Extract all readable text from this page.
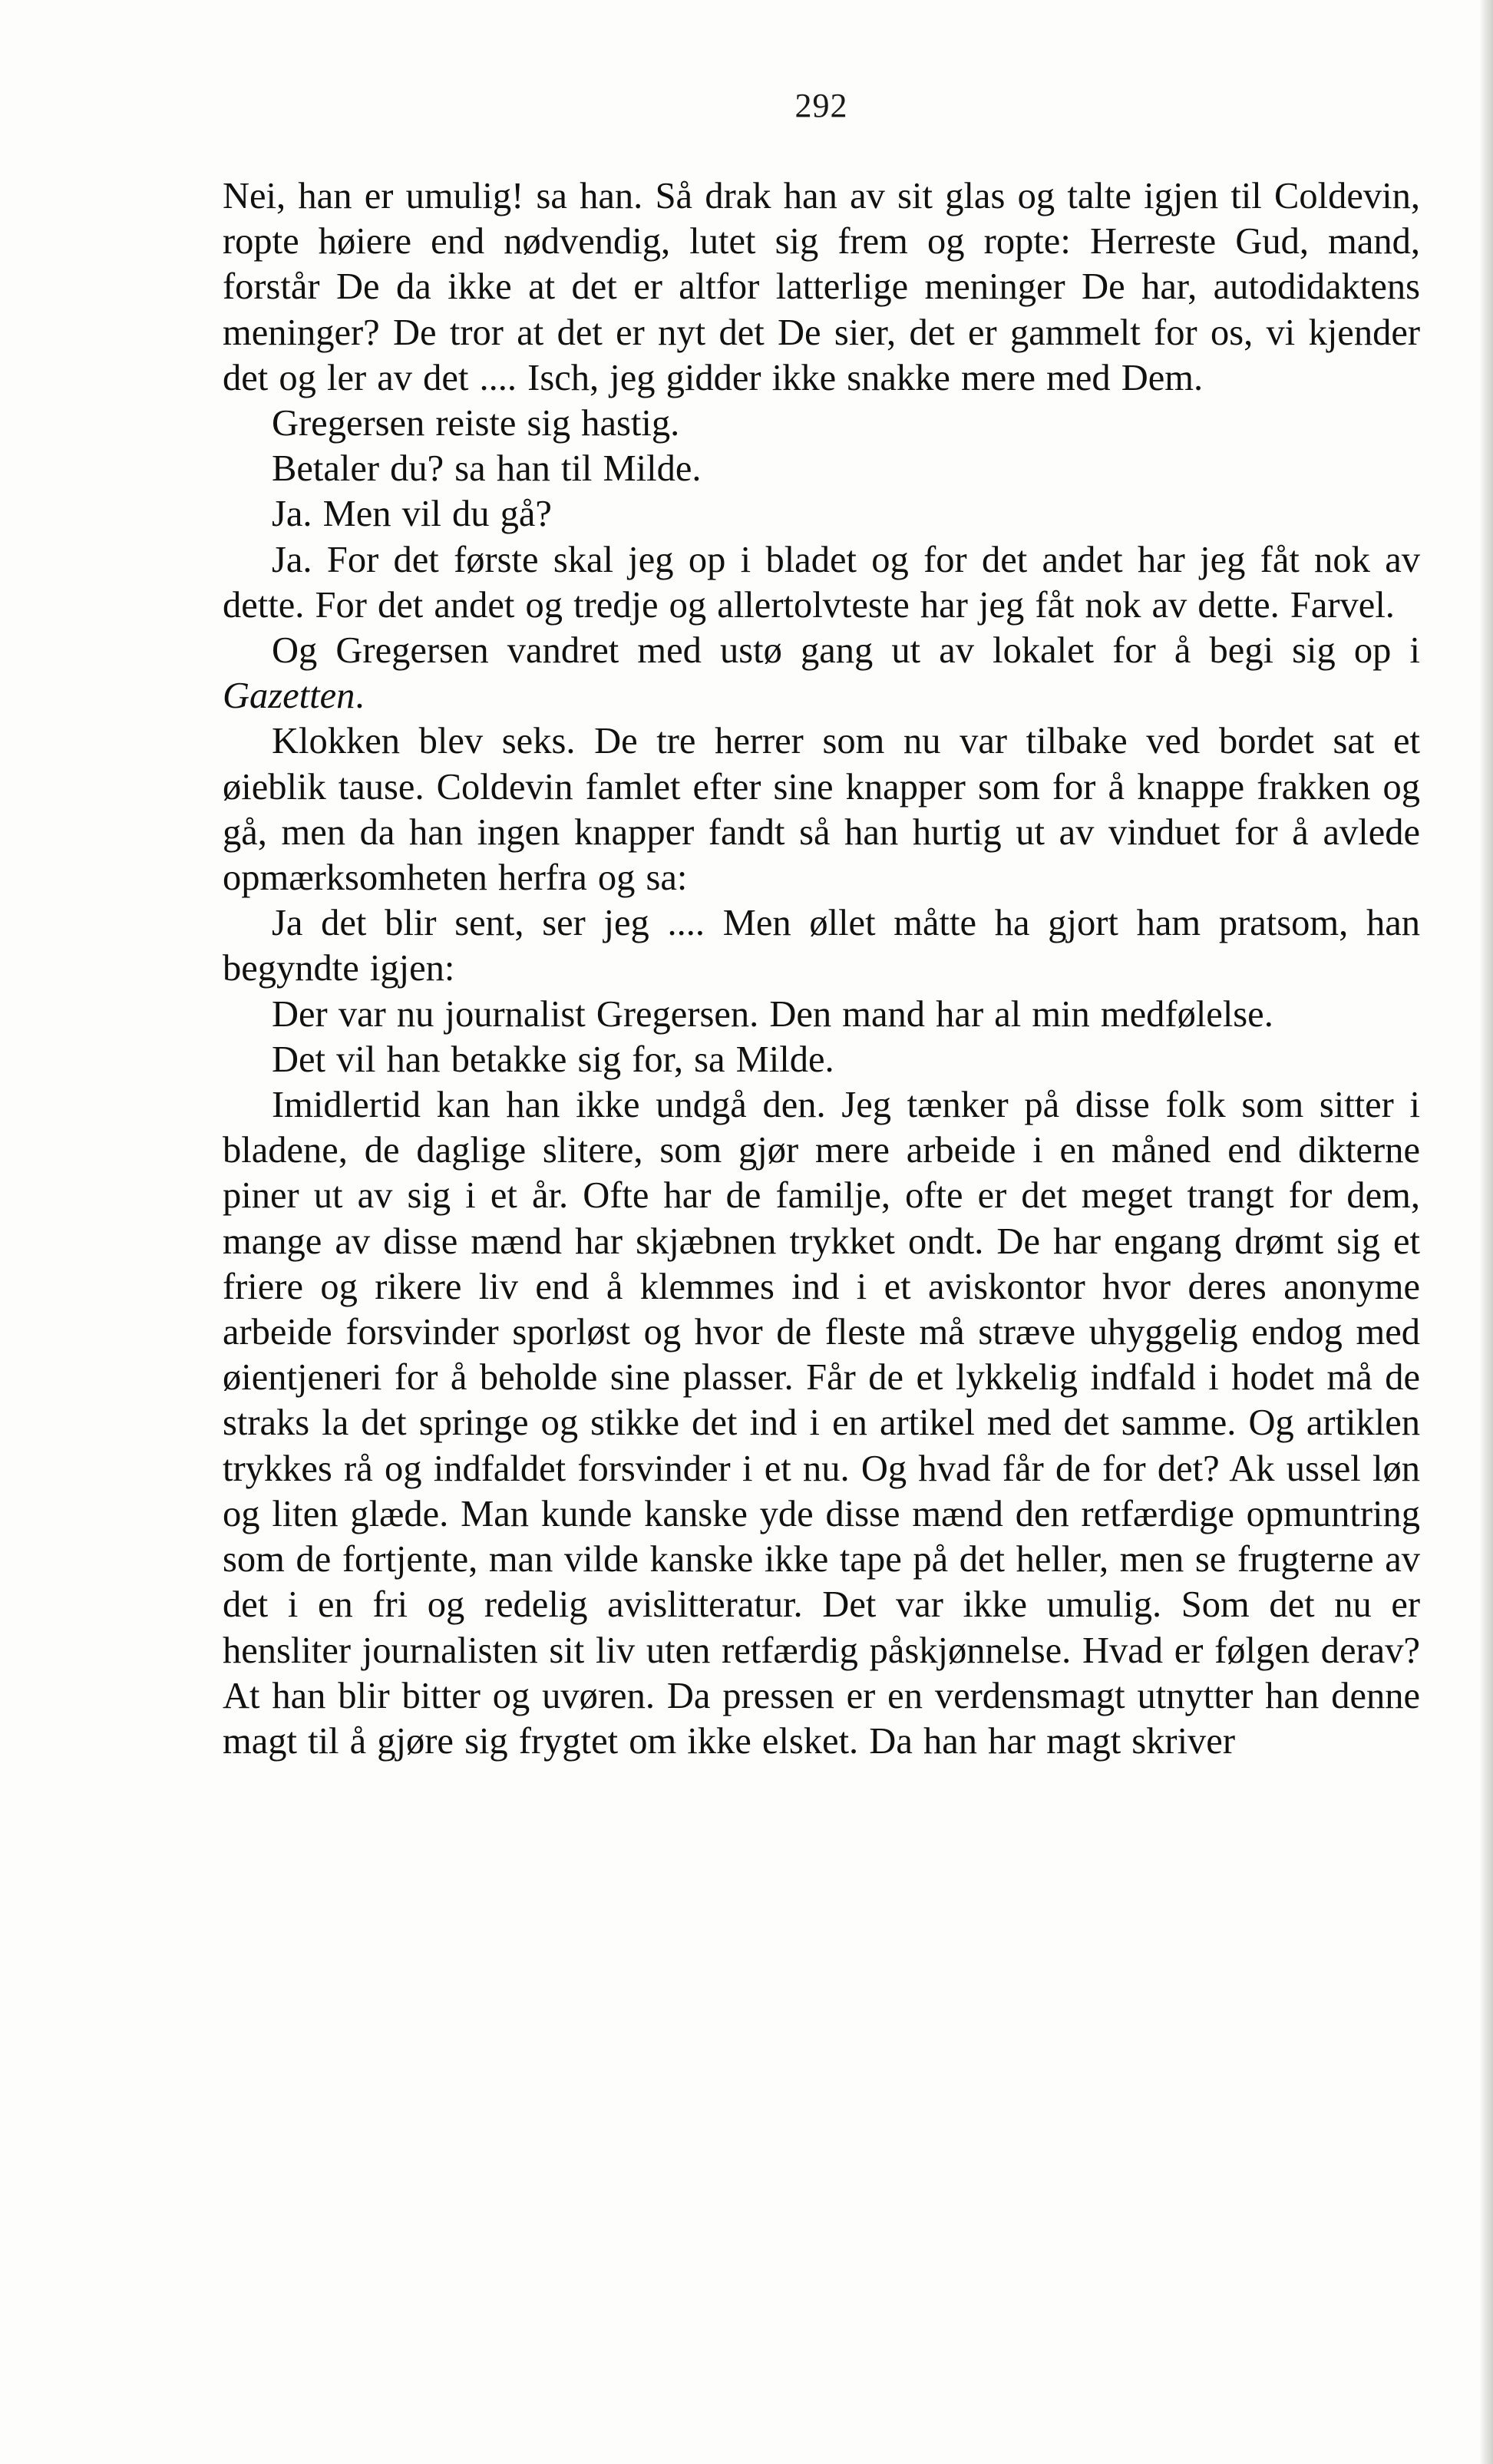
292

Nei, han er umulig! sa han. Så drak han av sit glas og talte igjen til Coldevin, ropte høiere end nødvendig, lutet sig frem og ropte: Herreste Gud, mand, forstår De da ikke at det er altfor latterlige meninger De har, autodidaktens meninger? De tror at det er nyt det De sier, det er gammelt for os, vi kjender det og ler av det .... Isch, jeg gidder ikke snakke mere med Dem.

Gregersen reiste sig hastig.

Betaler du? sa han til Milde.

Ja. Men vil du gå?

Ja. For det første skal jeg op i bladet og for det andet har jeg fåt nok av dette. For det andet og tredje og allertolvteste har jeg fåt nok av dette. Farvel.

Og Gregersen vandret med ustø gang ut av lokalet for å begi sig op i Gazetten.

Klokken blev seks. De tre herrer som nu var tilbake ved bordet sat et øieblik tause. Coldevin famlet efter sine knapper som for å knappe frakken og gå, men da han ingen knapper fandt så han hurtig ut av vinduet for å avlede opmærksomheten herfra og sa:

Ja det blir sent, ser jeg .... Men øllet måtte ha gjort ham pratsom, han begyndte igjen:

Der var nu journalist Gregersen. Den mand har al min medfølelse.

Det vil han betakke sig for, sa Milde.

Imidlertid kan han ikke undgå den. Jeg tænker på disse folk som sitter i bladene, de daglige slitere, som gjør mere arbeide i en måned end dikterne piner ut av sig i et år. Ofte har de familje, ofte er det meget trangt for dem, mange av disse mænd har skjæbnen trykket ondt. De har engang drømt sig et friere og rikere liv end å klemmes ind i et aviskontor hvor deres anonyme arbeide forsvinder sporløst og hvor de fleste må stræve uhyggelig endog med øientjeneri for å beholde sine plasser. Får de et lykkelig indfald i hodet må de straks la det springe og stikke det ind i en artikel med det samme. Og artiklen trykkes rå og indfaldet forsvinder i et nu. Og hvad får de for det? Ak ussel løn og liten glæde. Man kunde kanske yde disse mænd den retfærdige opmuntring som de fortjente, man vilde kanske ikke tape på det heller, men se frugterne av det i en fri og redelig avislitteratur. Det var ikke umulig. Som det nu er hensliter journalisten sit liv uten retfærdig påskjønnelse. Hvad er følgen derav? At han blir bitter og uvøren. Da pressen er en verdensmagt utnytter han denne magt til å gjøre sig frygtet om ikke elsket. Da han har magt skriver
